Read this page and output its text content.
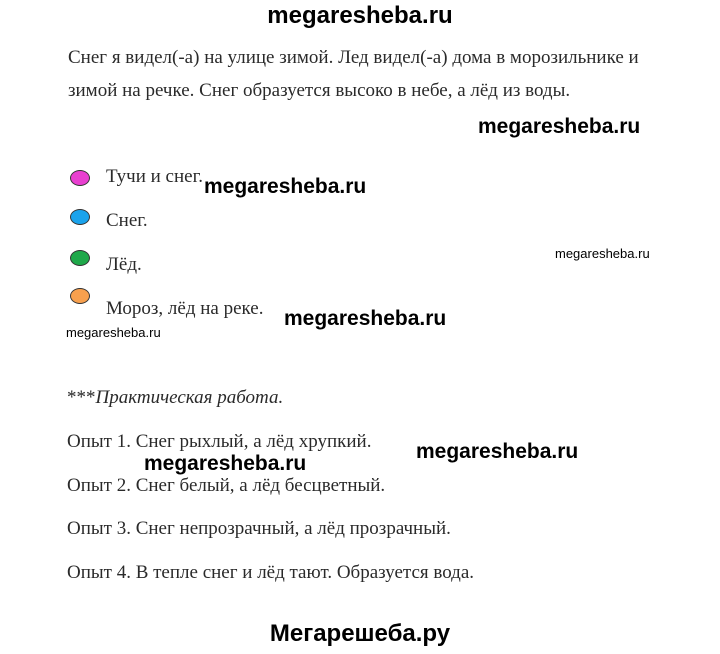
megaresheba.ru
Снег я видел(-а) на улице зимой. Лед видел(-а) дома в морозильнике и
зимой на речке. Снег образуется высоко в небе, а лёд из воды.
megaresheba.ru
Тучи и снег. megaresheba.ru
Снег.
Лёд.
megaresheba.ru
Мороз, лёд на реке. megaresheba.ru
megaresheba.ru
***Практическая работа.
Опыт 1. Снег рыхлый, а лёд хрупкий. megaresheba.ru
megaresheba.ru
Опыт 2. Снег белый, а лёд бесцветный.
Опыт 3. Снег непрозрачный, а лёд прозрачный.
Опыт 4. В тепле снег и лёд тают. Образуется вода.
Мегарешеба.ру
